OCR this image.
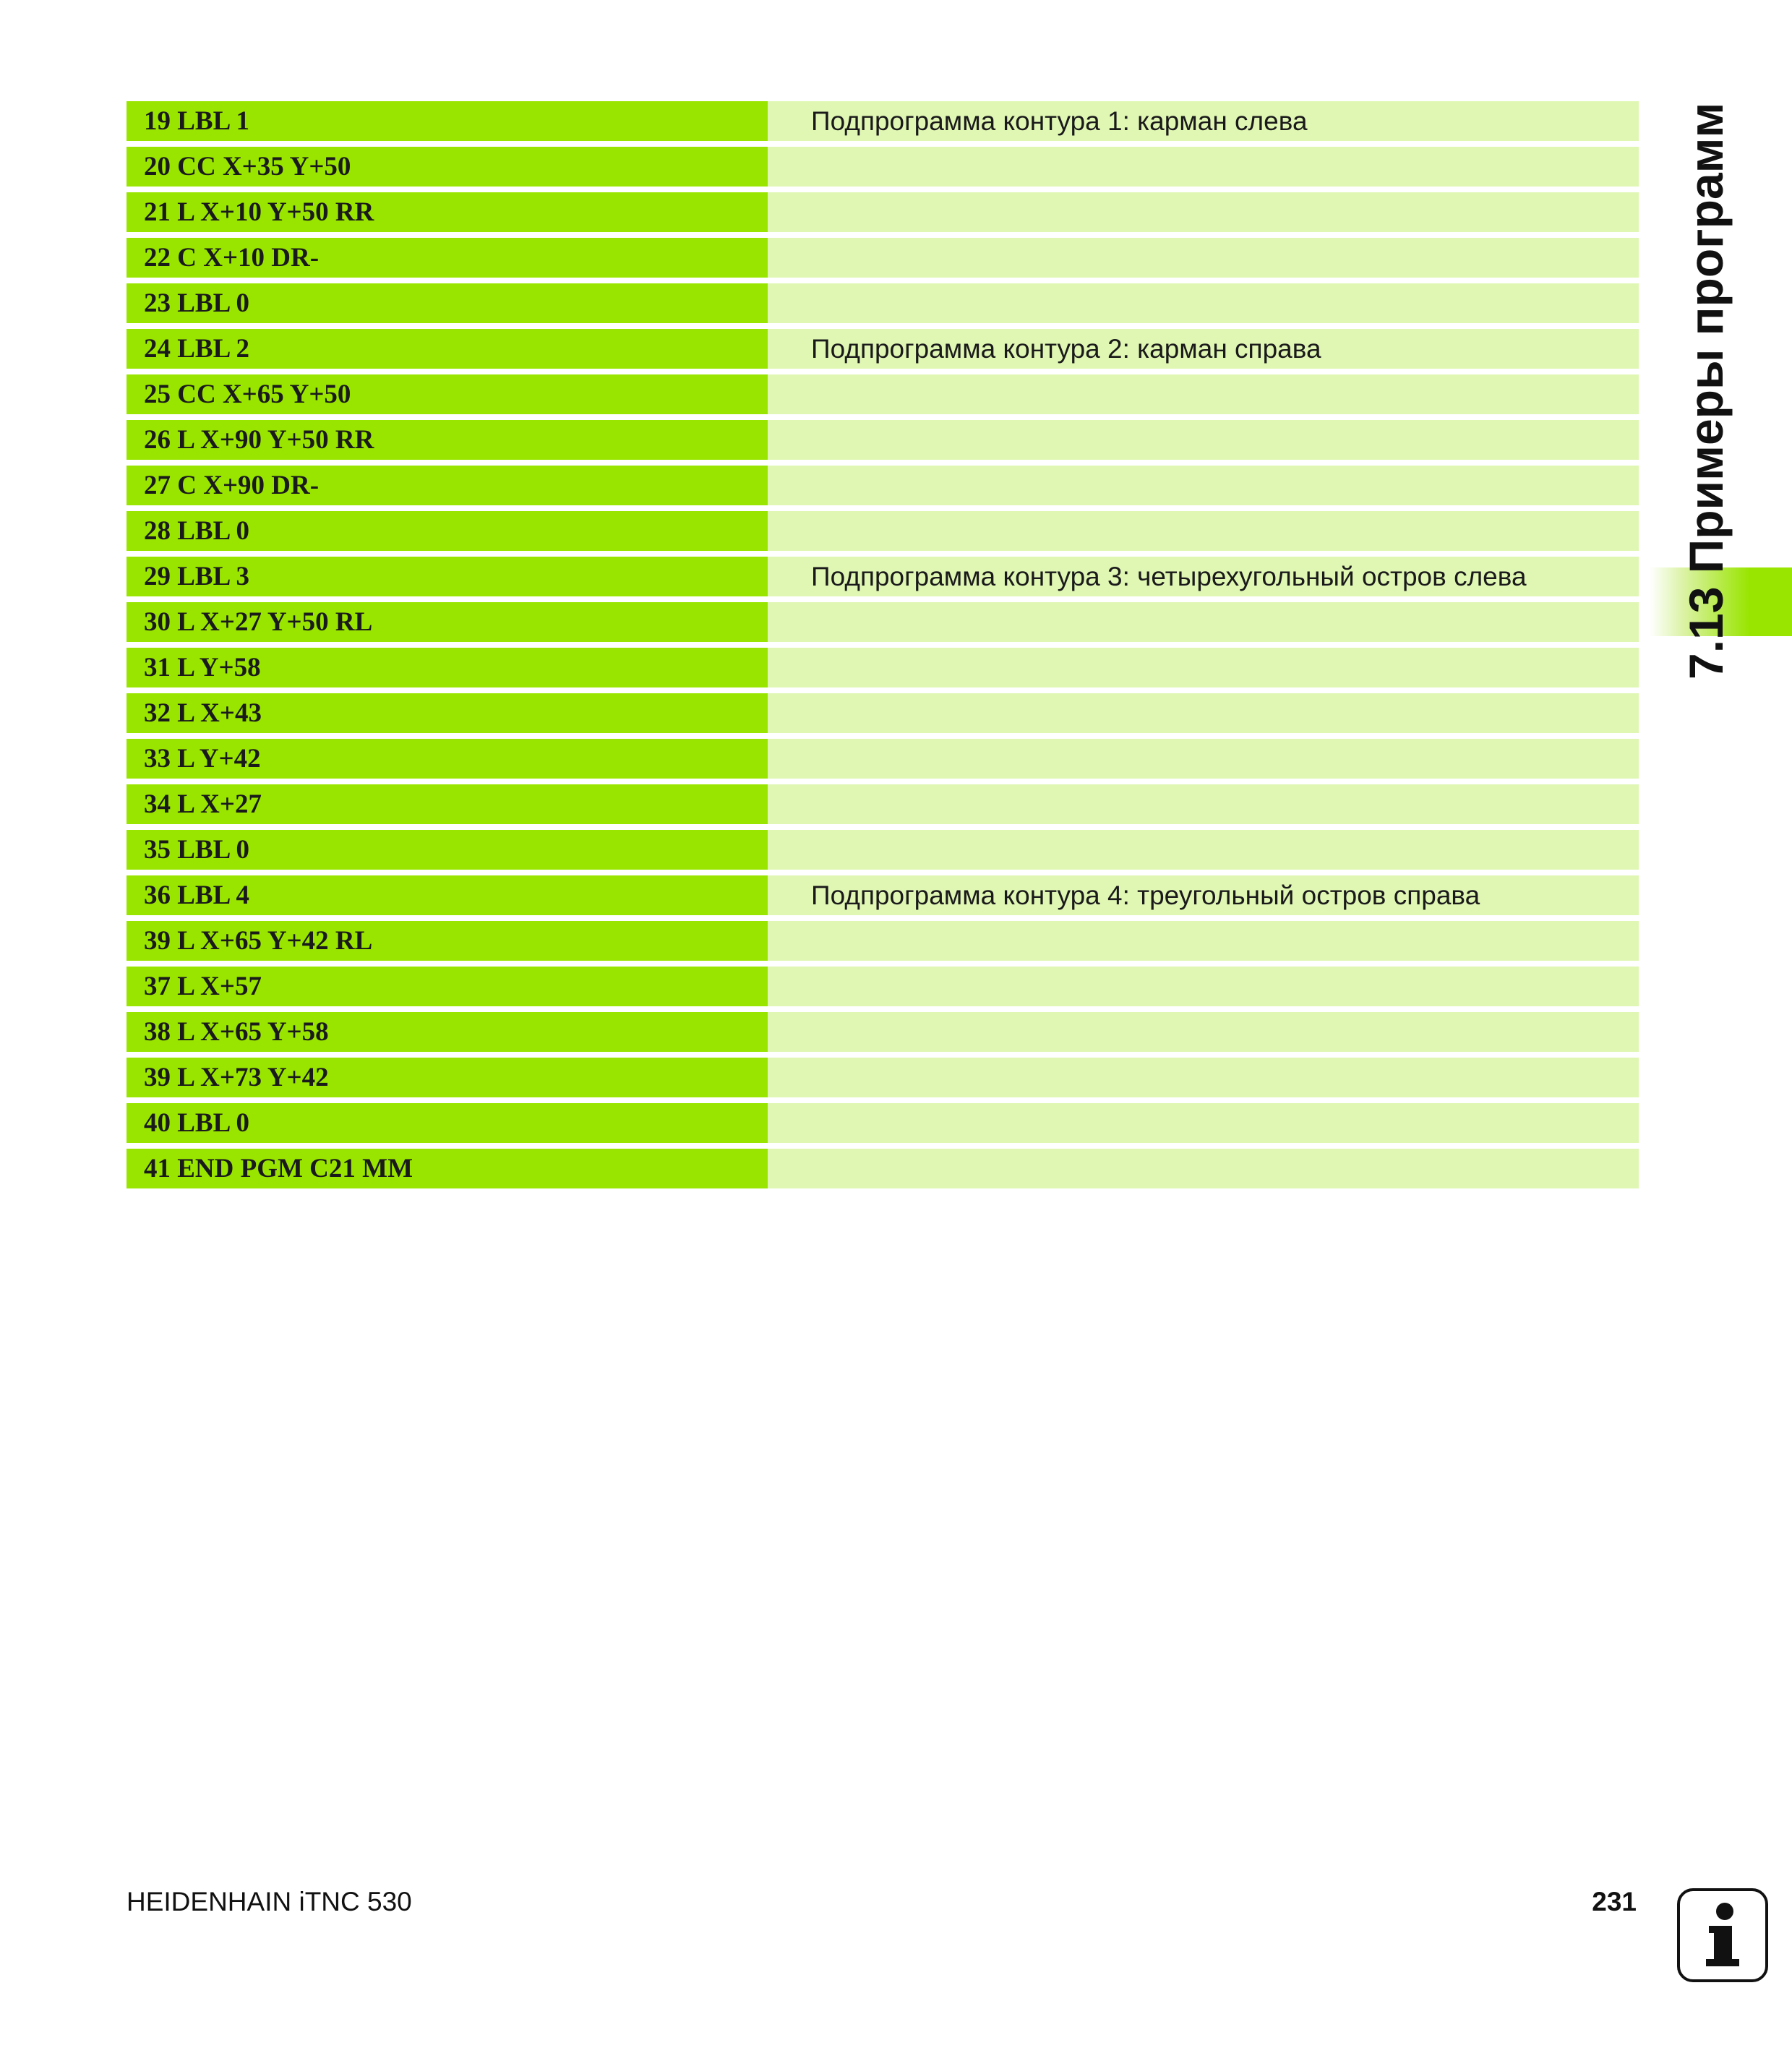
19 LBL 1	Подпрограмма контура 1: карман слева
20 CC X+35 Y+50	
21 L X+10 Y+50 RR	
22 C X+10 DR-	
23 LBL 0	
24 LBL 2	Подпрограмма контура 2: карман справа
25 CC X+65 Y+50	
26 L X+90 Y+50 RR	
27 C X+90 DR-	
28 LBL 0	
29 LBL 3	Подпрограмма контура 3: четырехугольный остров слева
30 L X+27 Y+50 RL	
31 L Y+58	
32 L X+43	
33 L Y+42	
34 L X+27	
35 LBL 0	
36 LBL 4	Подпрограмма контура 4: треугольный остров справа
39 L X+65 Y+42 RL	
37 L X+57	
38 L X+65 Y+58	
39 L X+73 Y+42	
40 LBL 0	
41 END PGM C21 MM	
7.13 Примеры программ
HEIDENHAIN iTNC 530	231
